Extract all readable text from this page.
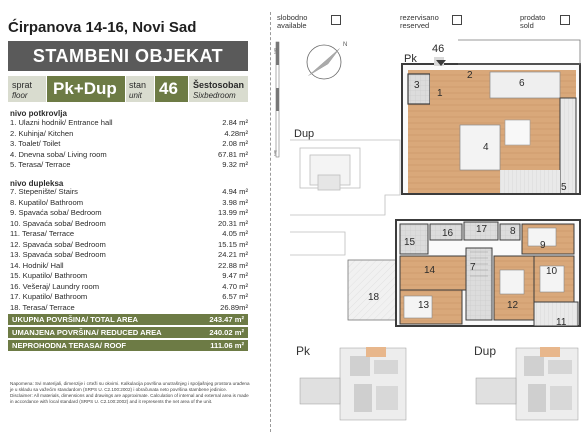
Ćirpanova 14-16, Novi Sad
STAMBENI OBJEKAT
sprat
floor Pk+Dup stan
unit 46 Šestosoban
Sixbedroom
nivo potkrovlja
1. Ulazni hodnik/ Entrance hall	2.84 m²
2. Kuhinja/ Kitchen	4.28m²
3. Toalet/ Toilet	2.08 m²
4. Dnevna soba/ Living room	67.81 m²
5. Terasa/ Terrace	9.32 m²
nivo dupleksa
7. Stepenište/ Stairs	4.94 m²
8. Kupatilo/ Bathroom	3.98 m²
9. Spavaća soba/ Bedroom	13.99 m²
10. Spavaća soba/ Bedroom	20.31 m²
11. Terasa/ Terrace	4.05 m²
12. Spavaća soba/ Bedroom	15.15 m²
13. Spavaća soba/ Bedroom	24.21 m²
14. Hodnik/ Hall	22.88 m²
15. Kupatilo/ Bathroom	9.47 m²
16. Vešeraj/ Laundry room	4.70 m²
17. Kupatilo/ Bathroom	6.57 m²
18. Terasa/ Terrace	26.89m²
UKUPNA POVRŠINA/ TOTAL AREA	243.47 m²
UMANJENA POVRŠINA/ REDUCED AREA	240.02 m²
NEPROHODNA TERASA/ ROOF	111.06 m²

Napomena: Svi materijali, dimenzije i crteži su okvirni. Kalkulacija površina unutrašnjeg i spoljašnjeg prostora urađena je u skladu sa važećim standardom (SRPS U. C2.100:2002) i obračunata neto površina stambene jedinice.

Disclaimer: All materials, dimensions and drawings are approximate. Calculation of internal and external area is made in accordance with local standard (SRPS U. C2.100:2002) and it represents the net area of the unit.

slobodno
available
rezervisano
reserved
prodato
sold
0m
5m
N
Pk
46
1
2
3
4
5
6
7
8
9
10
11
12
13
14
15
16 17
18
Dup
Pk	Dup
